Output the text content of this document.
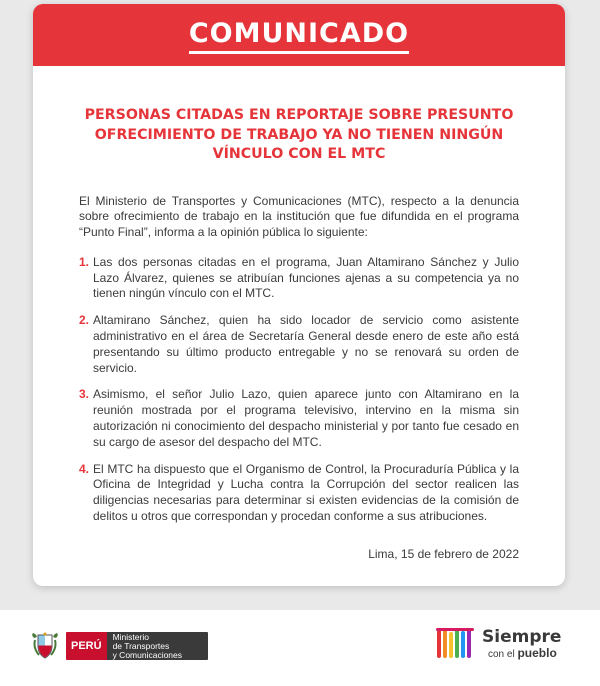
COMUNICADO
PERSONAS CITADAS EN REPORTAJE SOBRE PRESUNTO OFRECIMIENTO DE TRABAJO YA NO TIENEN NINGÚN VÍNCULO CON EL MTC

El Ministerio de Transportes y Comunicaciones (MTC), respecto a la denuncia sobre ofrecimiento de trabajo en la institución que fue difundida en el programa “Punto Final”, informa a la opinión pública lo siguiente:

1. Las dos personas citadas en el programa, Juan Altamirano Sánchez y Julio Lazo Álvarez, quienes se atribuían funciones ajenas a su competencia ya no tienen ningún vínculo con el MTC.
2. Altamirano Sánchez, quien ha sido locador de servicio como asistente administrativo en el área de Secretaría General desde enero de este año está presentando su último producto entregable y no se renovará su orden de servicio.
3. Asimismo, el señor Julio Lazo, quien aparece junto con Altamirano en la reunión mostrada por el programa televisivo, intervino en la misma sin autorización ni conocimiento del despacho ministerial y por tanto fue cesado en su cargo de asesor del despacho del MTC.
4. El MTC ha dispuesto que el Organismo de Control, la Procuraduría Pública y la Oficina de Integridad y Lucha contra la Corrupción del sector realicen las diligencias necesarias para determinar si existen evidencias de la comisión de delitos u otros que correspondan y procedan conforme a sus atribuciones.

Lima, 15 de febrero de 2022

PERÚ
Ministerio
de Transportes
y Comunicaciones
Siempre
con el pueblo
